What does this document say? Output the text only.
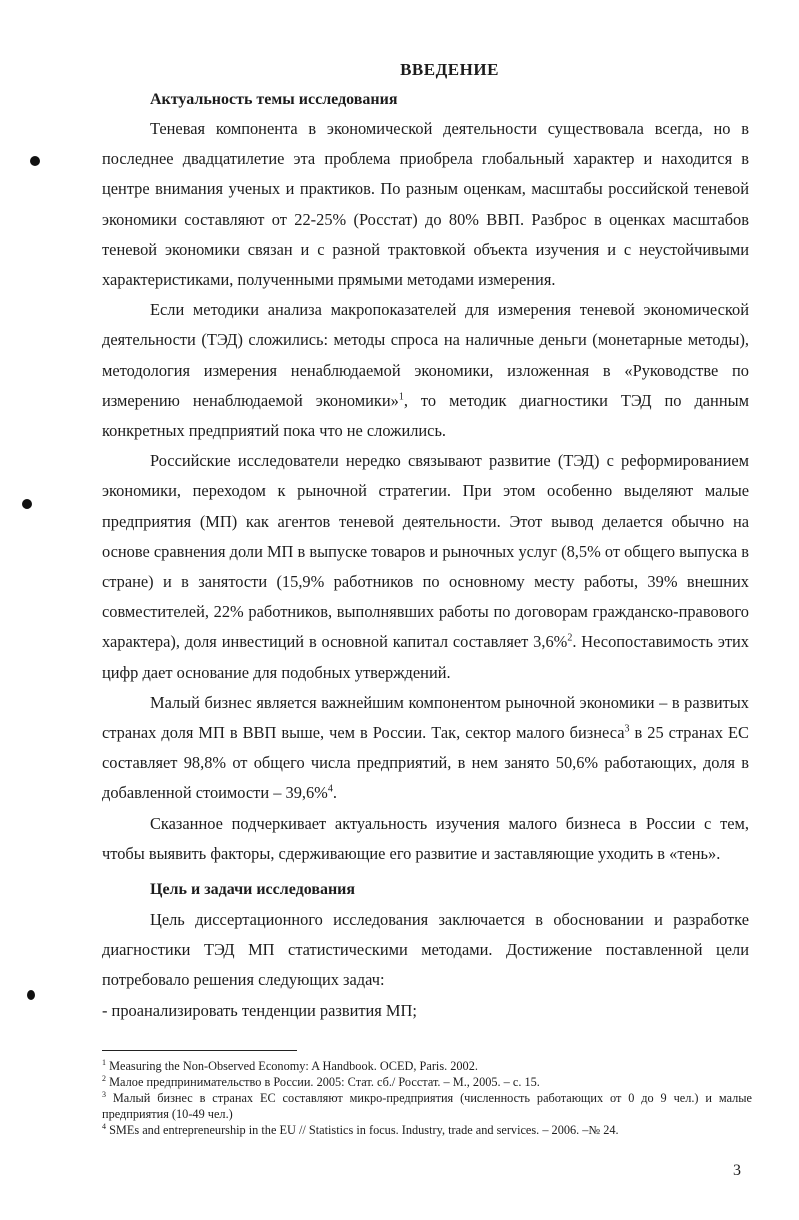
ВВЕДЕНИЕ
Актуальность темы исследования

Теневая компонента в экономической деятельности существовала всегда, но в последнее двадцатилетие эта проблема приобрела глобальный характер и находится в центре внимания ученых и практиков. По разным оценкам, масштабы российской теневой экономики составляют от 22-25% (Росстат) до 80% ВВП. Разброс в оценках масштабов теневой экономики связан и с разной трактовкой объекта изучения и с неустойчивыми характеристиками, полученными прямыми методами измерения.

Если методики анализа макропоказателей для измерения теневой экономической деятельности (ТЭД) сложились: методы спроса на наличные деньги (монетарные методы), методология измерения ненаблюдаемой экономики, изложенная в «Руководстве по измерению ненаблюдаемой экономики»$^1$, то методик диагностики ТЭД по данным конкретных предприятий пока что не сложились.

Российские исследователи нередко связывают развитие (ТЭД) с реформированием экономики, переходом к рыночной стратегии. При этом особенно выделяют малые предприятия (МП) как агентов теневой деятельности. Этот вывод делается обычно на основе сравнения доли МП в выпуске товаров и рыночных услуг (8,5% от общего выпуска в стране) и в занятости (15,9% работников по основному месту работы, 39% внешних совместителей, 22% работников, выполнявших работы по договорам гражданско-правового характера), доля инвестиций в основной капитал составляет 3,6%$^2$. Несопоставимость этих цифр дает основание для подобных утверждений.

Малый бизнес является важнейшим компонентом рыночной экономики – в развитых странах доля МП в ВВП выше, чем в России. Так, сектор малого бизнеса$^3$ в 25 странах ЕС составляет 98,8% от общего числа предприятий, в нем занято 50,6% работающих, доля в добавленной стоимости – 39,6%$^4$.

Сказанное подчеркивает актуальность изучения малого бизнеса в России с тем, чтобы выявить факторы, сдерживающие его развитие и заставляющие уходить в «тень».

Цель и задачи исследования

Цель диссертационного исследования заключается в обосновании и разработке диагностики ТЭД МП статистическими методами. Достижение поставленной цели потребовало решения следующих задач:

- проанализировать тенденции развития МП;

$^1$ Measuring the Non-Observed Economy: A Handbook. OCED, Paris. 2002.
$^2$ Малое предпринимательство в России. 2005: Стат. сб./ Росстат. – М., 2005. – с. 15.
$^3$ Малый бизнес в странах ЕС составляют микро-предприятия (численность работающих от 0 до 9 чел.) и малые предприятия (10-49 чел.)
$^4$ SMEs and entrepreneurship in the EU // Statistics in focus. Industry, trade and services. – 2006. –№ 24.
3
